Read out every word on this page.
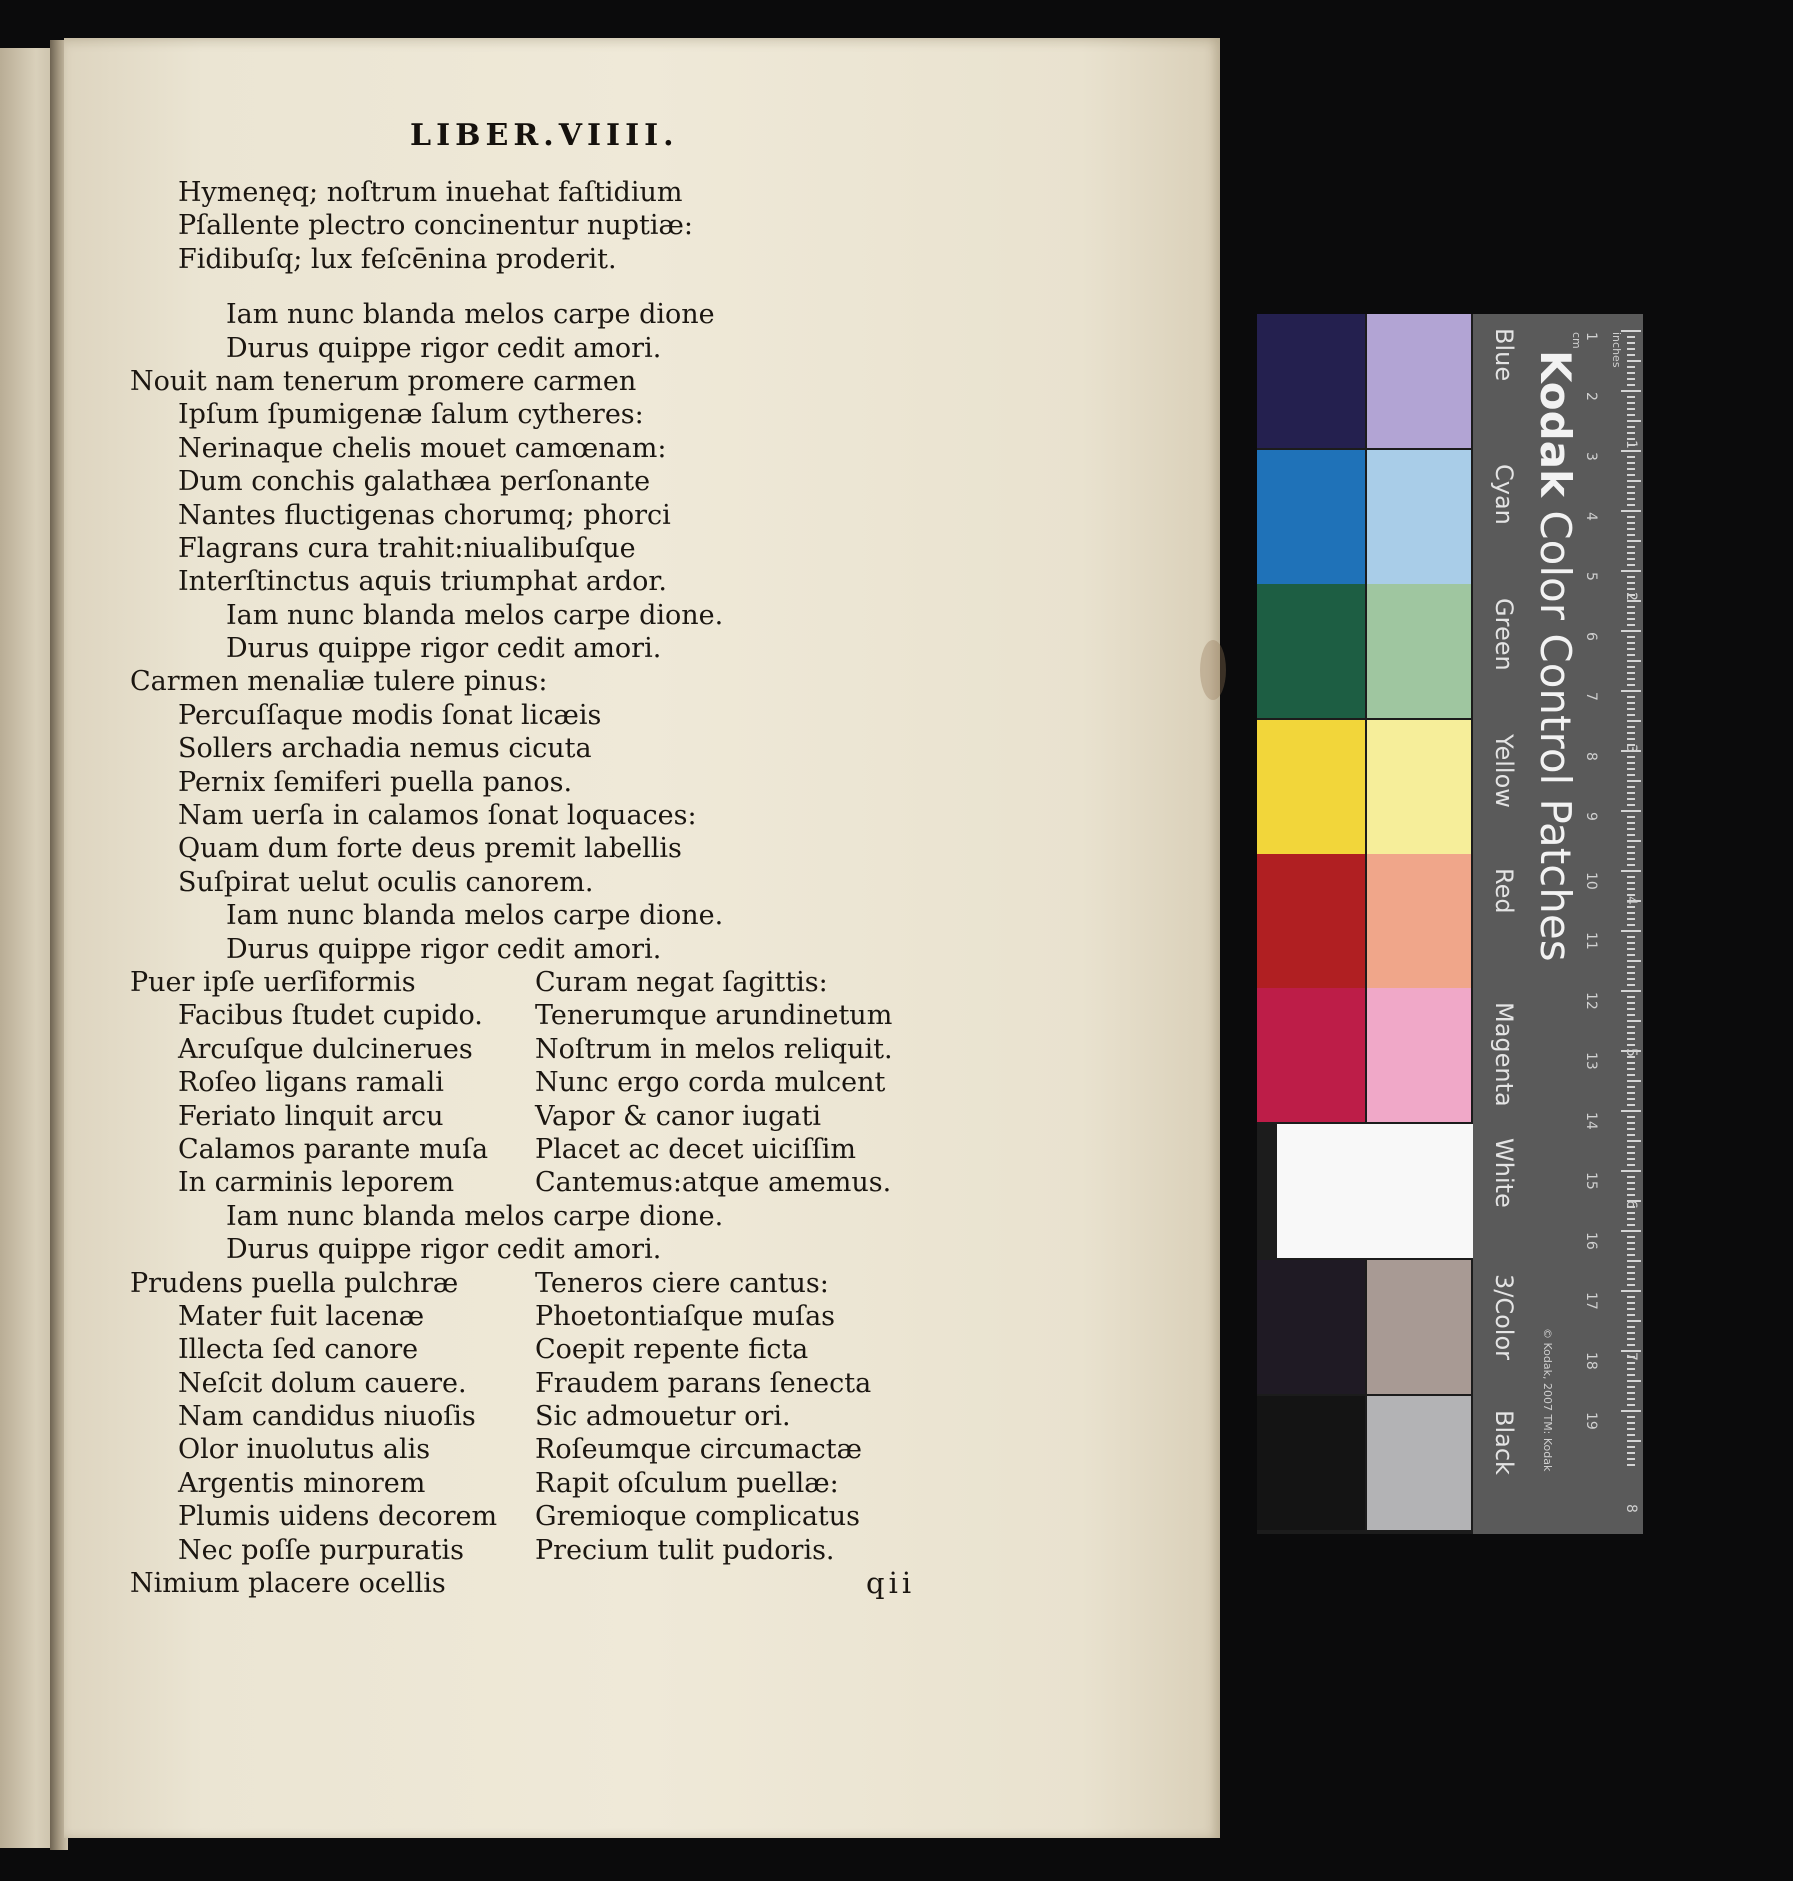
LIBER.VIIII.
Hymenęq; noſtrum inuehat faſtidium
Pſallente plectro concinentur nuptiæ:
Fidibuſq; lux feſcēnina proderit.
Iam nunc blanda melos carpe dione
Durus quippe rigor cedit amori.
Nouit nam tenerum promere carmen
Ipſum ſpumigenæ ſalum cytheres:
Nerinaque chelis mouet camœnam:
Dum conchis galathæa perſonante
Nantes fluctigenas chorumq; phorci
Flagrans cura trahit:niualibuſque
Interſtinctus aquis triumphat ardor.
Iam nunc blanda melos carpe dione.
Durus quippe rigor cedit amori.
Carmen menaliæ tulere pinus:
Percuſſaque modis ſonat licæis
Sollers archadia nemus cicuta
Pernix ſemiferi puella panos.
Nam uerſa in calamos ſonat loquaces:
Quam dum forte deus premit labellis
Suſpirat uelut oculis canorem.
Iam nunc blanda melos carpe dione.
Durus quippe rigor cedit amori.
Puer ipſe uerſiformis	Curam negat ſagittis:
Facibus ſtudet cupido.	Tenerumque arundinetum
Arcuſque dulcinerues	Noſtrum in melos reliquit.
Roſeo ligans ramali	Nunc ergo corda mulcent
Feriato linquit arcu	Vapor & canor iugati
Calamos parante muſa	Placet ac decet uiciſſim
In carminis leporem	Cantemus:atque amemus.
Iam nunc blanda melos carpe dione.
Durus quippe rigor cedit amori.
Prudens puella pulchræ	Teneros ciere cantus:
Mater fuit lacenæ	Phoetontiaſque muſas
Illecta ſed canore	Coepit repente ficta
Neſcit dolum cauere.	Fraudem parans ſenecta
Nam candidus niuoſis	Sic admouetur ori.
Olor inuolutus alis	Roſeumque circumactæ
Argentis minorem	Rapit oſculum puellæ:
Plumis uidens decorem	Gremioque complicatus
Nec poſſe purpuratis	Precium tulit pudoris.
Nimium placere ocellis	qii
1
2
3
4
5
6
7
8
9
10
11
12
13
14
15
16
17
18
19
1
2
3
4
5
6
7
8
Kodak Color Control Patches
© Kodak, 2007 TM: Kodak
cm inches
Blue
Cyan
Green
Yellow
Red
Magenta
White
3/Color
Black
